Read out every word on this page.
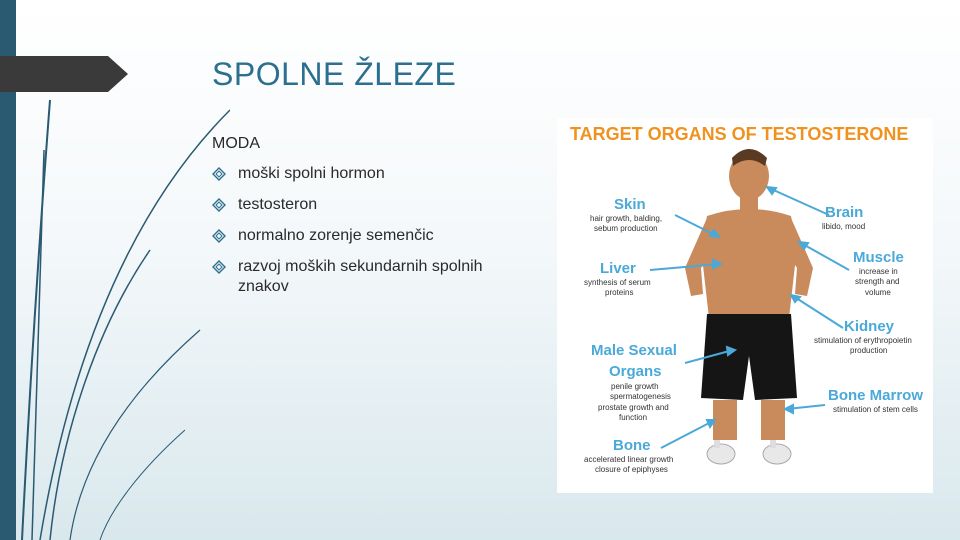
SPOLNE ŽLEZE
MODA
moški spolni hormon
testosteron
normalno zorenje semenčic
razvoj moških sekundarnih spolnih znakov
TARGET ORGANS OF TESTOSTERONE
Skin
hair growth, balding,
sebum production
Liver
synthesis of serum
proteins
Male Sexual
Organs
penile growth
spermatogenesis
prostate growth and
function
Bone
accelerated linear growth
closure of epiphyses
Brain
libido, mood
Muscle
increase in
strength and
volume
Kidney
stimulation of erythropoietin
production
Bone Marrow
stimulation of stem cells
